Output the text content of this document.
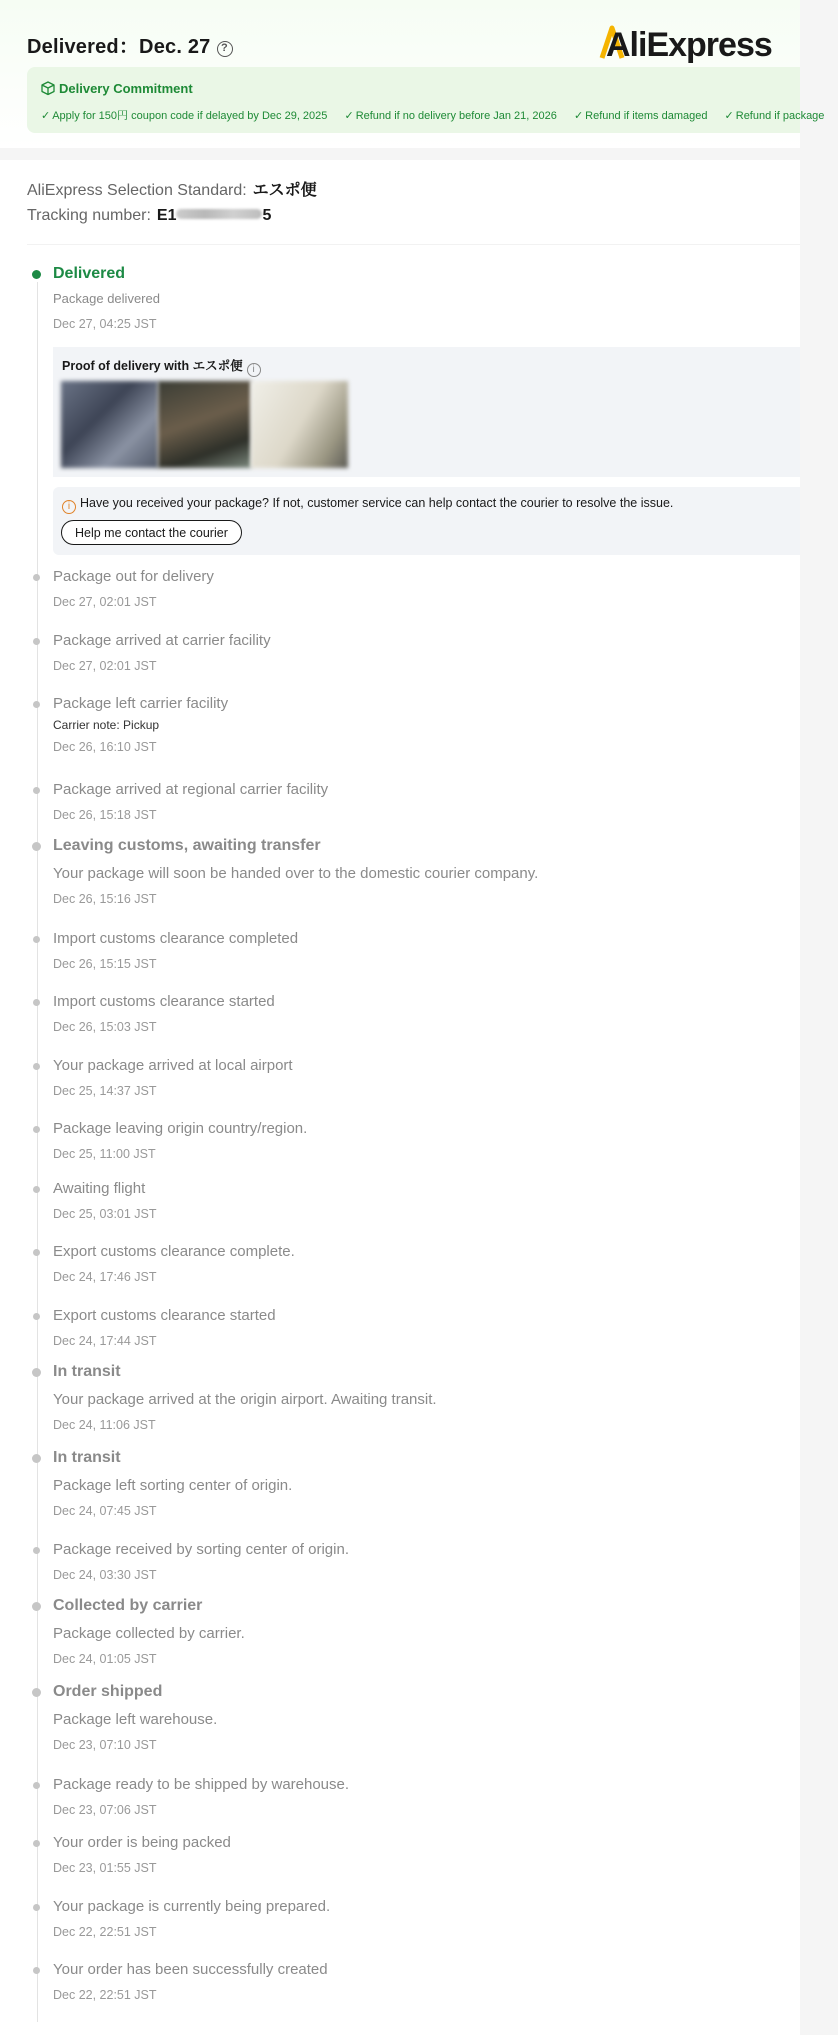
Delivered：Dec. 27 ?	AliExpress
Delivery Commitment
✓ Apply for 150円 coupon code if delayed by Dec 29, 2025 ✓ Refund if no delivery before Jan 21, 2026 ✓ Refund if items damaged ✓ Refund if package
AliExpress Selection Standard: エスポ便
Tracking number: E1	5
Delivered
Package delivered
Dec 27, 04:25 JST
Proof of delivery with エスポ便 i
i Have you received your package? If not, customer service can help contact the courier to resolve the issue.
Help me contact the courier
Package out for delivery
Dec 27, 02:01 JST
Package arrived at carrier facility
Dec 27, 02:01 JST
Package left carrier facility
Carrier note: Pickup
Dec 26, 16:10 JST
Package arrived at regional carrier facility
Dec 26, 15:18 JST
Leaving customs, awaiting transfer
Your package will soon be handed over to the domestic courier company.
Dec 26, 15:16 JST
Import customs clearance completed
Dec 26, 15:15 JST
Import customs clearance started
Dec 26, 15:03 JST
Your package arrived at local airport
Dec 25, 14:37 JST
Package leaving origin country/region.
Dec 25, 11:00 JST
Awaiting flight
Dec 25, 03:01 JST
Export customs clearance complete.
Dec 24, 17:46 JST
Export customs clearance started
Dec 24, 17:44 JST
In transit
Your package arrived at the origin airport. Awaiting transit.
Dec 24, 11:06 JST
In transit
Package left sorting center of origin.
Dec 24, 07:45 JST
Package received by sorting center of origin.
Dec 24, 03:30 JST
Collected by carrier
Package collected by carrier.
Dec 24, 01:05 JST
Order shipped
Package left warehouse.
Dec 23, 07:10 JST
Package ready to be shipped by warehouse.
Dec 23, 07:06 JST
Your order is being packed
Dec 23, 01:55 JST
Your package is currently being prepared.
Dec 22, 22:51 JST
Your order has been successfully created
Dec 22, 22:51 JST
